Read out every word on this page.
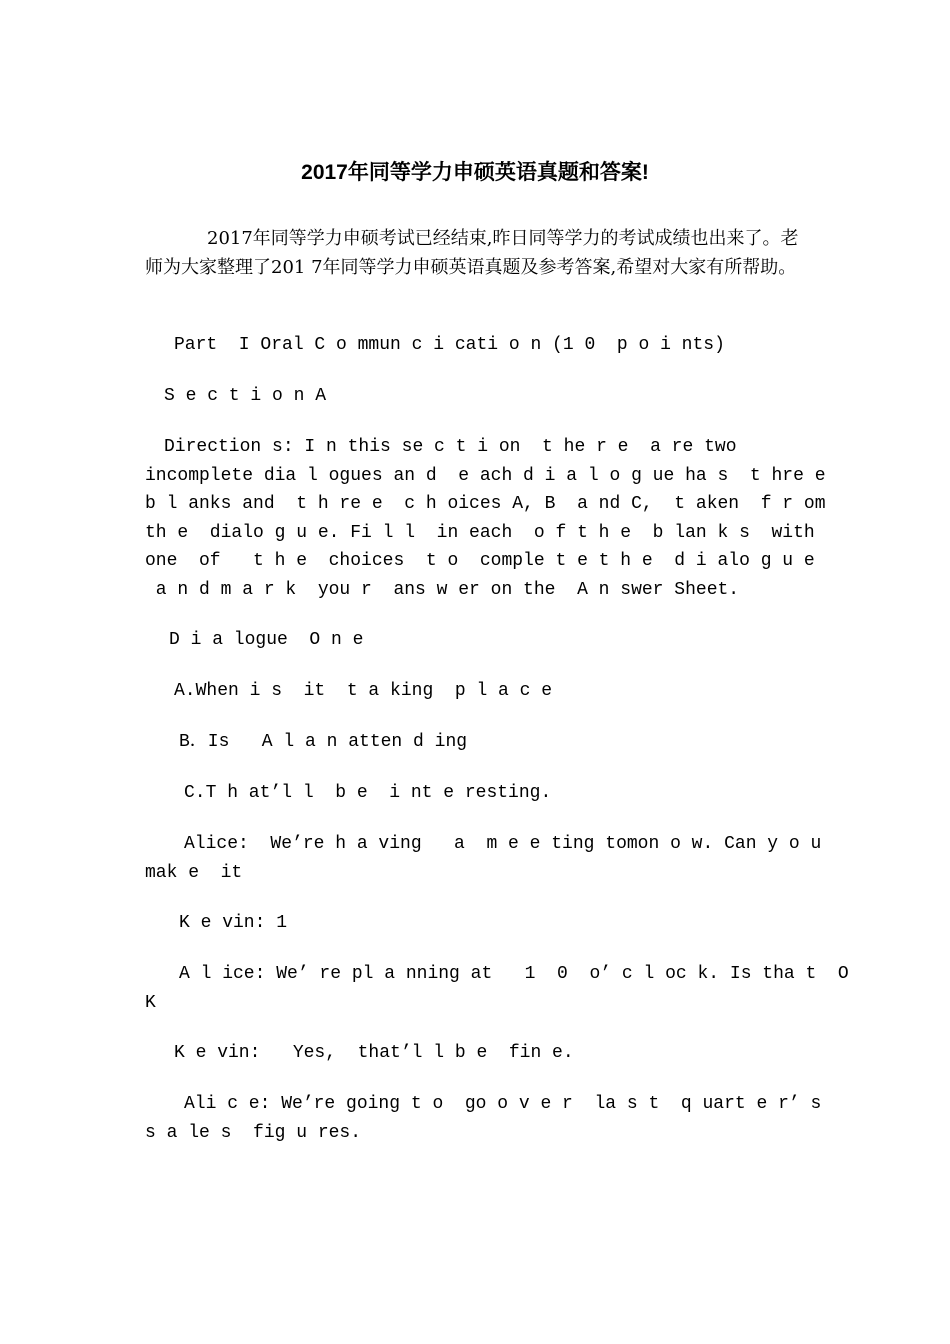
2017年同等学力申硕英语真题和答案!
2017年同等学力申硕考试已经结束,昨日同等学力的考试成绩也出来了。老师为大家整理了201 7年同等学力申硕英语真题及参考答案,希望对大家有所帮助。
Part  I Oral C o mmun c i cati o n (1 0  p o i nts)
S e c t i o n A
Direction s: I n this se c t i on  t he r e  a re two
incomplete dia l ogues an d  e ach d i a l o g ue ha s  t hre e
b l anks and  t h re e  c h oices A, B  a nd C,  t aken  f r om
th e  dialo g u e. Fi l l  in each  o f t h e  b lan k s  with
one  of   t h e  choices  t o  comple t e t h e  d i alo g u e
a n d m a r k  you r  ans w er on the  A n swer Sheet.
D i a logue  O n e
A.When i s  it  t a king  p l a c e
B．Is   A l a n atten d ing
C.T h at’l l  b e  i nt e resting.
Alice:  We’re h a ving   a  m e e ting tomon o w. Can y o u
mak e  it
K e vin: 1
A l ice: We’ re pl a nning at   1  0  o’ c l oc k. Is tha t  O
K
K e vin:   Yes,  that’l l b e  fin e.
Ali c e: We’re going t o  go o v e r  la s t  q uart e r’ s
s a le s  fig u res.
